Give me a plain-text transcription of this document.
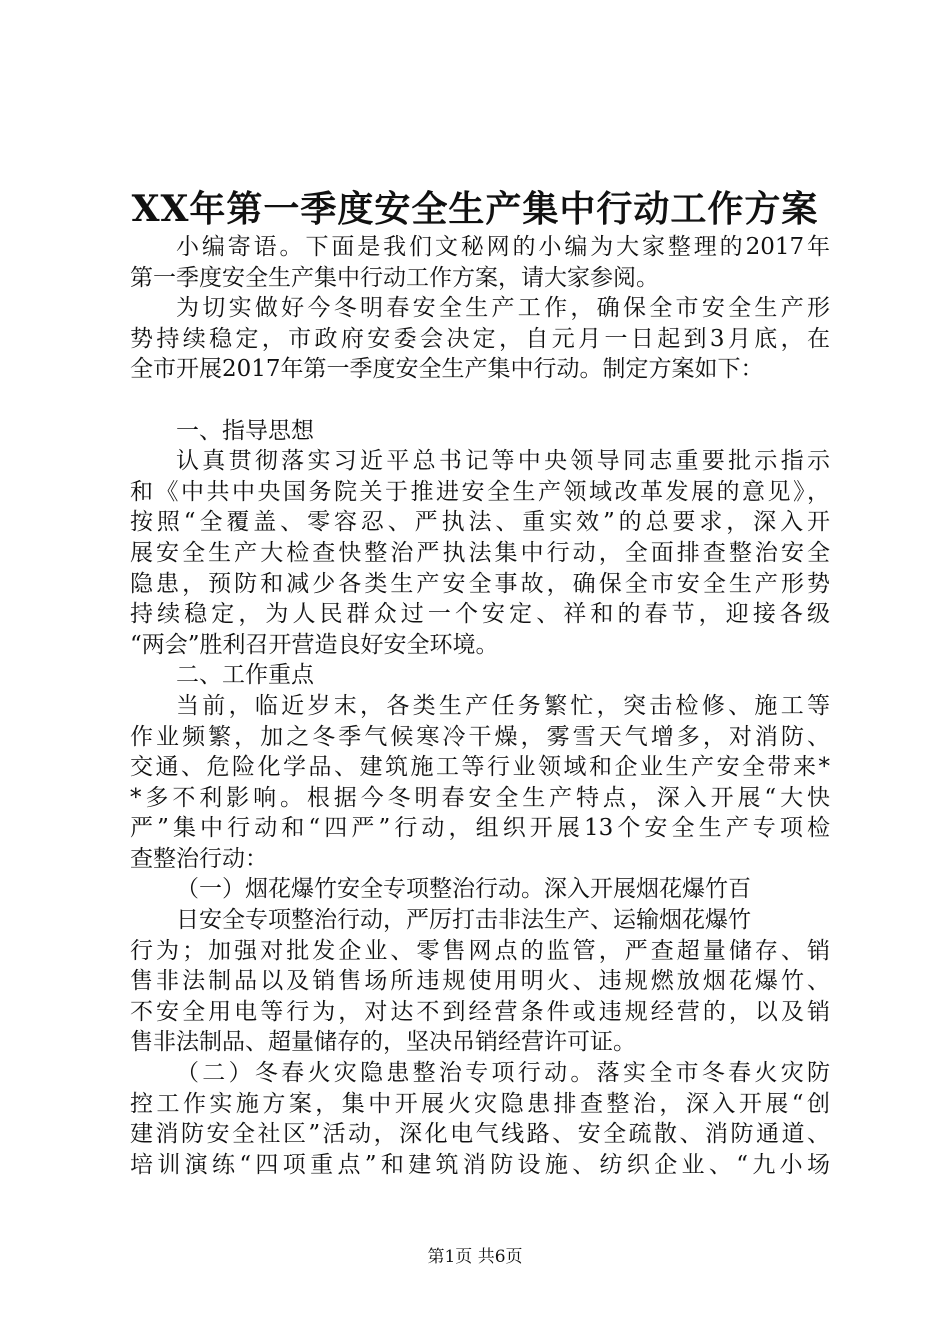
XX年第一季度安全生产集中行动工作方案
小编寄语。下面是我们文秘网的小编为大家整理的2017年
第一季度安全生产集中行动工作方案，请大家参阅。
为切实做好今冬明春安全生产工作，确保全市安全生产形
势持续稳定，市政府安委会决定，自元月一日起到3月底，在
全市开展2017年第一季度安全生产集中行动。制定方案如下：
一、指导思想
认真贯彻落实习近平总书记等中央领导同志重要批示指示
和《中共中央国务院关于推进安全生产领域改革发展的意见》，
按照“全覆盖、零容忍、严执法、重实效”的总要求，深入开
展安全生产大检查快整治严执法集中行动，全面排查整治安全
隐患，预防和减少各类生产安全事故，确保全市安全生产形势
持续稳定，为人民群众过一个安定、祥和的春节，迎接各级
“两会”胜利召开营造良好安全环境。
二、工作重点
当前，临近岁末，各类生产任务繁忙，突击检修、施工等
作业频繁，加之冬季气候寒冷干燥，雾雪天气增多，对消防、
交通、危险化学品、建筑施工等行业领域和企业生产安全带来*
*多不利影响。根据今冬明春安全生产特点，深入开展“大快
严”集中行动和“四严”行动，组织开展13个安全生产专项检
查整治行动：
（一）烟花爆竹安全专项整治行动。深入开展烟花爆竹百
日安全专项整治行动，严厉打击非法生产、运输烟花爆竹
行为；加强对批发企业、零售网点的监管，严查超量储存、销
售非法制品以及销售场所违规使用明火、违规燃放烟花爆竹、
不安全用电等行为，对达不到经营条件或违规经营的，以及销
售非法制品、超量储存的，坚决吊销经营许可证。
（二）冬春火灾隐患整治专项行动。落实全市冬春火灾防
控工作实施方案，集中开展火灾隐患排查整治，深入开展“创
建消防安全社区”活动，深化电气线路、安全疏散、消防通道、
培训演练“四项重点”和建筑消防设施、纺织企业、“九小场
第1页 共6页
